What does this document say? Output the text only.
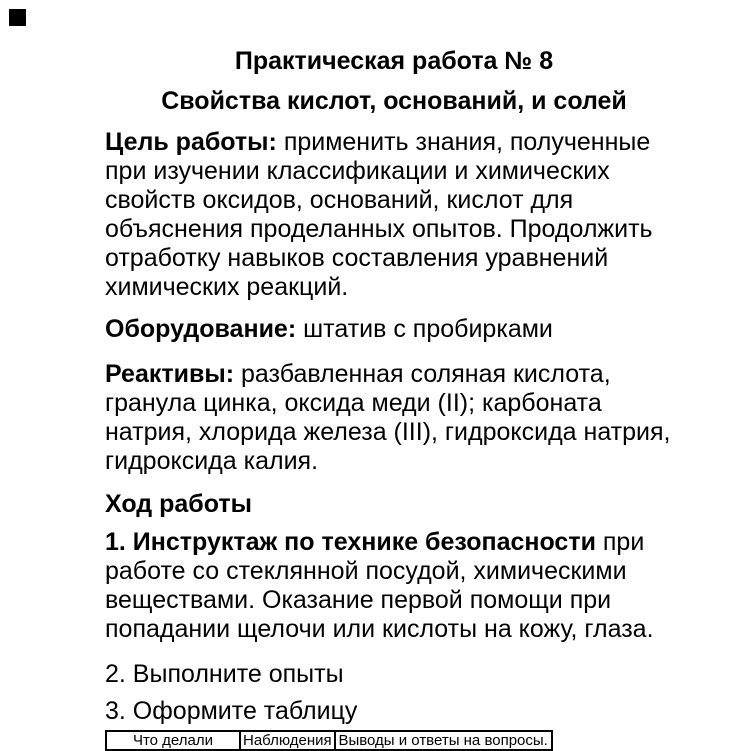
Практическая работа № 8
Свойства кислот, оснований, и солей

Цель работы: применить знания, полученные при изучении классификации и химических свойств оксидов, оснований, кислот для объяснения проделанных опытов. Продолжить отработку навыков составления уравнений химических реакций.

Оборудование: штатив с пробирками

Реактивы: разбавленная соляная кислота, гранула цинка, оксида меди (II); карбоната натрия, хлорида железа (III), гидроксида натрия, гидроксида калия.

Ход работы

1. Инструктаж по технике безопасности при работе со стеклянной посудой, химическими веществами. Оказание первой помощи при попадании щелочи или кислоты на кожу, глаза.

2. Выполните опыты

3. Оформите таблицу

Что делали	Наблюдения	Выводы и ответы на вопросы.
